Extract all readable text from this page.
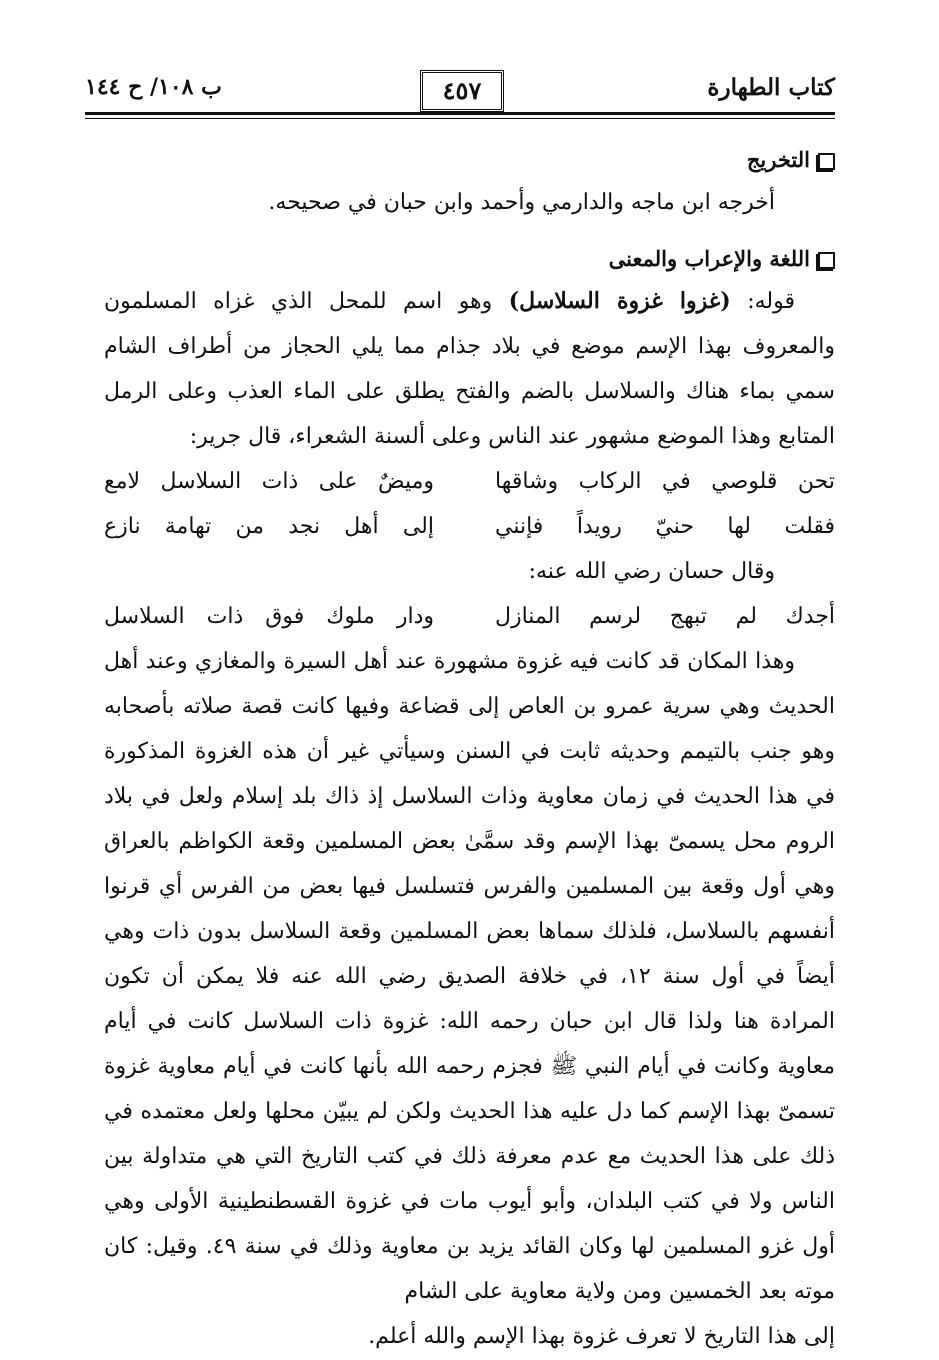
كتاب الطهارة
٤٥٧
ب ١٠٨/ ح ١٤٤
التخريج
أخرجه ابن ماجه والدارمي وأحمد وابن حبان في صحيحه.
اللغة والإعراب والمعنى

قوله: (غزوا غزوة السلاسل) وهو اسم للمحل الذي غزاه المسلمون والمعروف بهذا الإسم موضع في بلاد جذام مما يلي الحجاز من أطراف الشام سمي بماء هناك والسلاسل بالضم والفتح يطلق على الماء العذب وعلى الرمل المتابع وهذا الموضع مشهور عند الناس وعلى ألسنة الشعراء، قال جرير:

تحن قلوصي في الركاب وشاقها
وميضٌ على ذات السلاسل لامع
فقلت لها حنيّ رويداً فإنني
إلى أهل نجد من تهامة نازع
وقال حسان رضي الله عنه:
أجدك لم تبهج لرسم المنازل
ودار ملوك فوق ذات السلاسل

وهذا المكان قد كانت فيه غزوة مشهورة عند أهل السيرة والمغازي وعند أهل الحديث وهي سرية عمرو بن العاص إلى قضاعة وفيها كانت قصة صلاته بأصحابه وهو جنب بالتيمم وحديثه ثابت في السنن وسيأتي غير أن هذه الغزوة المذكورة في هذا الحديث في زمان معاوية وذات السلاسل إذ ذاك بلد إسلام ولعل في بلاد الروم محل يسمىّ بهذا الإسم وقد سمَّىٰ بعض المسلمين وقعة الكواظم بالعراق وهي أول وقعة بين المسلمين والفرس فتسلسل فيها بعض من الفرس أي قرنوا أنفسهم بالسلاسل، فلذلك سماها بعض المسلمين وقعة السلاسل بدون ذات وهي أيضاً في أول سنة ١٢، في خلافة الصديق رضي الله عنه فلا يمكن أن تكون المرادة هنا ولذا قال ابن حبان رحمه الله: غزوة ذات السلاسل كانت في أيام معاوية وكانت في أيام النبي ﷺ فجزم رحمه الله بأنها كانت في أيام معاوية غزوة تسمىّ بهذا الإسم كما دل عليه هذا الحديث ولكن لم يبيّن محلها ولعل معتمده في ذلك على هذا الحديث مع عدم معرفة ذلك في كتب التاريخ التي هي متداولة بين الناس ولا في كتب البلدان، وأبو أيوب مات في غزوة القسطنطينية الأولى وهي أول غزو المسلمين لها وكان القائد يزيد بن معاوية وذلك في سنة ٤٩. وقيل: كان موته بعد الخمسين ومن ولاية معاوية على الشام

إلى هذا التاريخ لا تعرف غزوة بهذا الإسم والله أعلم.
